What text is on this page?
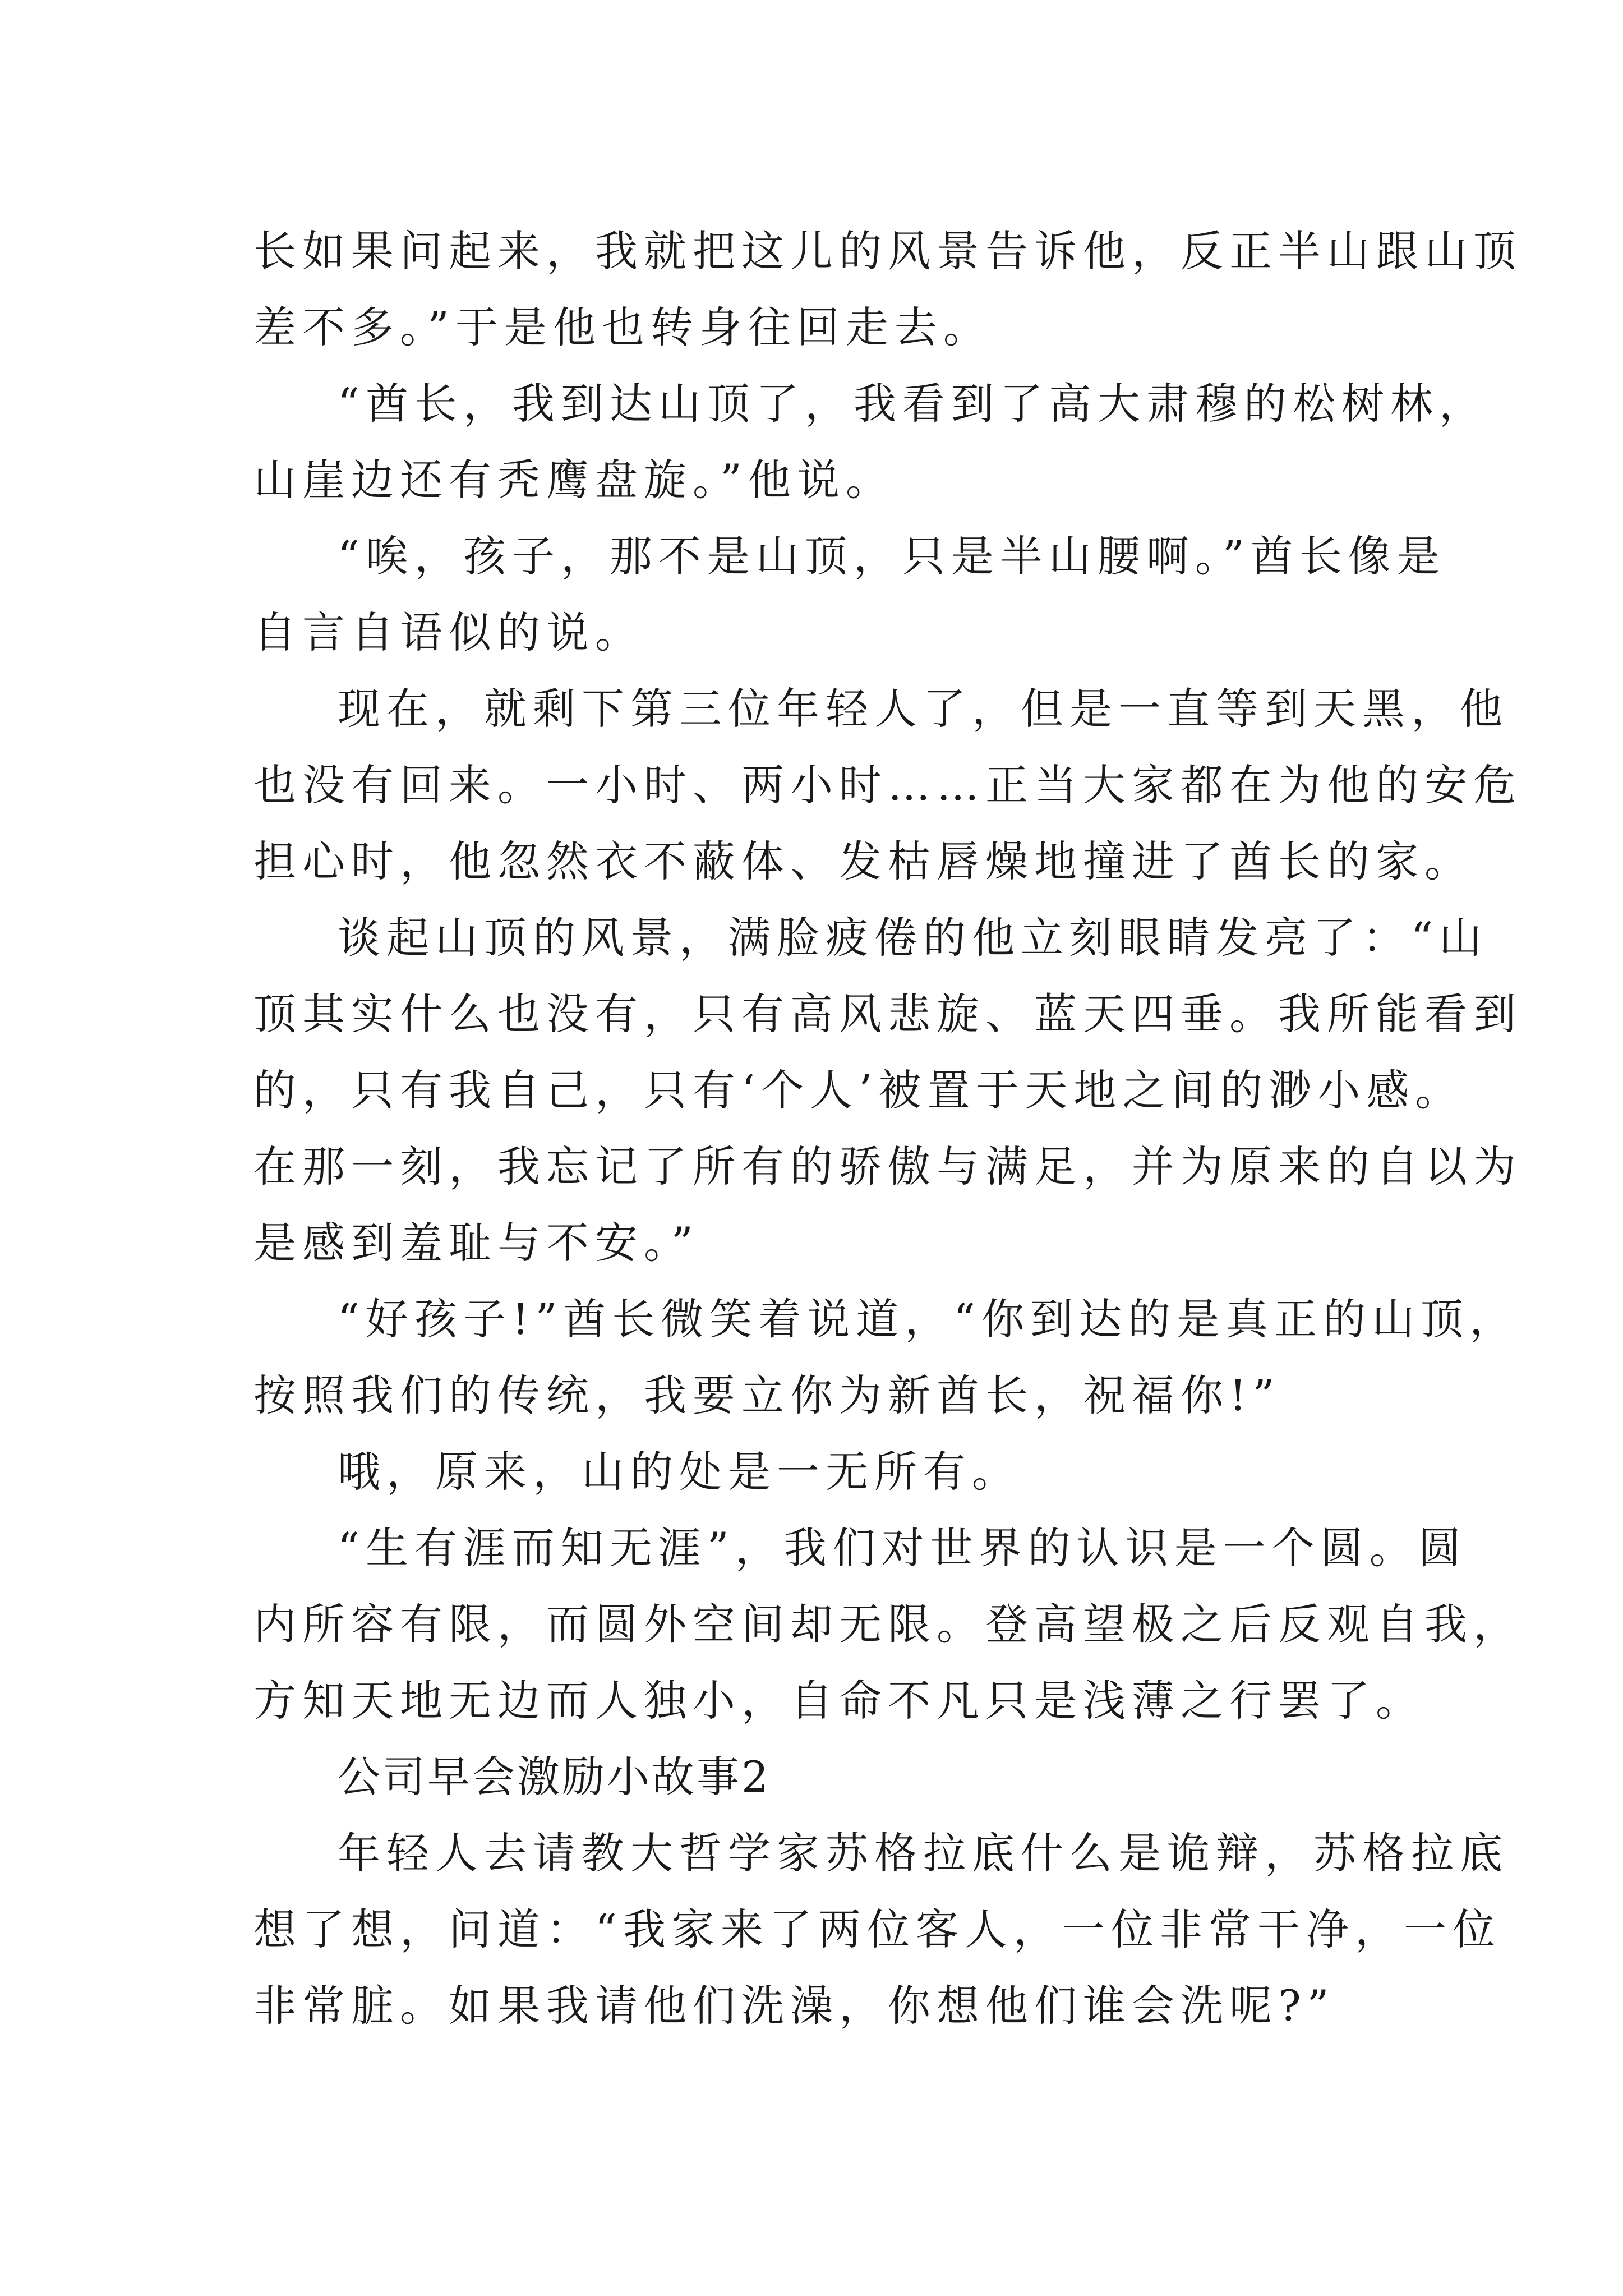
长如果问起来，我就把这儿的风景告诉他，反正半山跟山顶
差不多。”于是他也转身往回走去。
“酋长，我到达山顶了，我看到了高大肃穆的松树林，
山崖边还有秃鹰盘旋。”他说。
“唉，孩子，那不是山顶，只是半山腰啊。”酋长像是
自言自语似的说。
现在，就剩下第三位年轻人了，但是一直等到天黑，他
也没有回来。一小时、两小时……正当大家都在为他的安危
担心时，他忽然衣不蔽体、发枯唇燥地撞进了酋长的家。
谈起山顶的风景，满脸疲倦的他立刻眼睛发亮了：“山
顶其实什么也没有，只有高风悲旋、蓝天四垂。我所能看到
的，只有我自己，只有‘个人’被置于天地之间的渺小感。
在那一刻，我忘记了所有的骄傲与满足，并为原来的自以为
是感到羞耻与不安。”
“好孩子!”酋长微笑着说道，“你到达的是真正的山顶，
按照我们的传统，我要立你为新酋长，祝福你!”
哦，原来，山的处是一无所有。
“生有涯而知无涯”，我们对世界的认识是一个圆。圆
内所容有限，而圆外空间却无限。登高望极之后反观自我，
方知天地无边而人独小，自命不凡只是浅薄之行罢了。
公司早会激励小故事2
年轻人去请教大哲学家苏格拉底什么是诡辩，苏格拉底
想了想，问道：“我家来了两位客人，一位非常干净，一位
非常脏。如果我请他们洗澡，你想他们谁会洗呢?”
